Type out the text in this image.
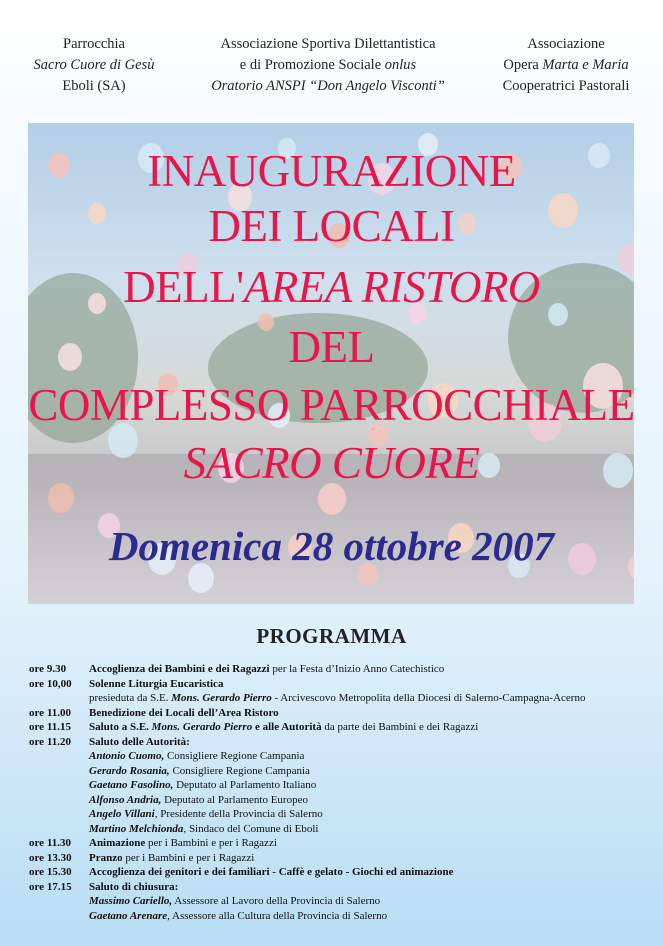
Parrocchia
Sacro Cuore di Gesù
Eboli (SA)
Associazione Sportiva Dilettantistica
e di Promozione Sociale onlus
Oratorio ANSPI “Don Angelo Visconti”
Associazione
Opera Marta e Maria
Cooperatrici Pastorali
INAUGURAZIONE
DEI LOCALI
DELL'AREA RISTORO
DEL
COMPLESSO PARROCCHIALE
SACRO CUORE
Domenica 28 ottobre 2007
PROGRAMMA
ore 9.30	Accoglienza dei Bambini e dei Ragazzi per la Festa d’Inizio Anno Catechistico
ore 10,00	Solenne Liturgia Eucaristica
presieduta da S.E. Mons. Gerardo Pierro - Arcivescovo Metropolita della Diocesi di Salerno-Campagna-Acerno
ore 11.00	Benedizione dei Locali dell’Area Ristoro
ore 11.15	Saluto a S.E. Mons. Gerardo Pierro e alle Autorità da parte dei Bambini e dei Ragazzi
ore 11.20	Saluto delle Autorità:
Antonio Cuomo, Consigliere Regione Campania
Gerardo Rosania, Consigliere Regione Campania
Gaetano Fasolino, Deputato al Parlamento Italiano
Alfonso Andria, Deputato al Parlamento Europeo
Angelo Villani, Presidente della Provincia di Salerno
Martino Melchionda, Sindaco del Comune di Eboli
ore 11.30	Animazione per i Bambini e per i Ragazzi
ore 13.30	Pranzo per i Bambini e per i Ragazzi
ore 15.30	Accoglienza dei genitori e dei familiari - Caffè e gelato - Giochi ed animazione
ore 17.15	Saluto di chiusura:
Massimo Cariello, Assessore al Lavoro della Provincia di Salerno
Gaetano Arenare, Assessore alla Cultura della Provincia di Salerno
